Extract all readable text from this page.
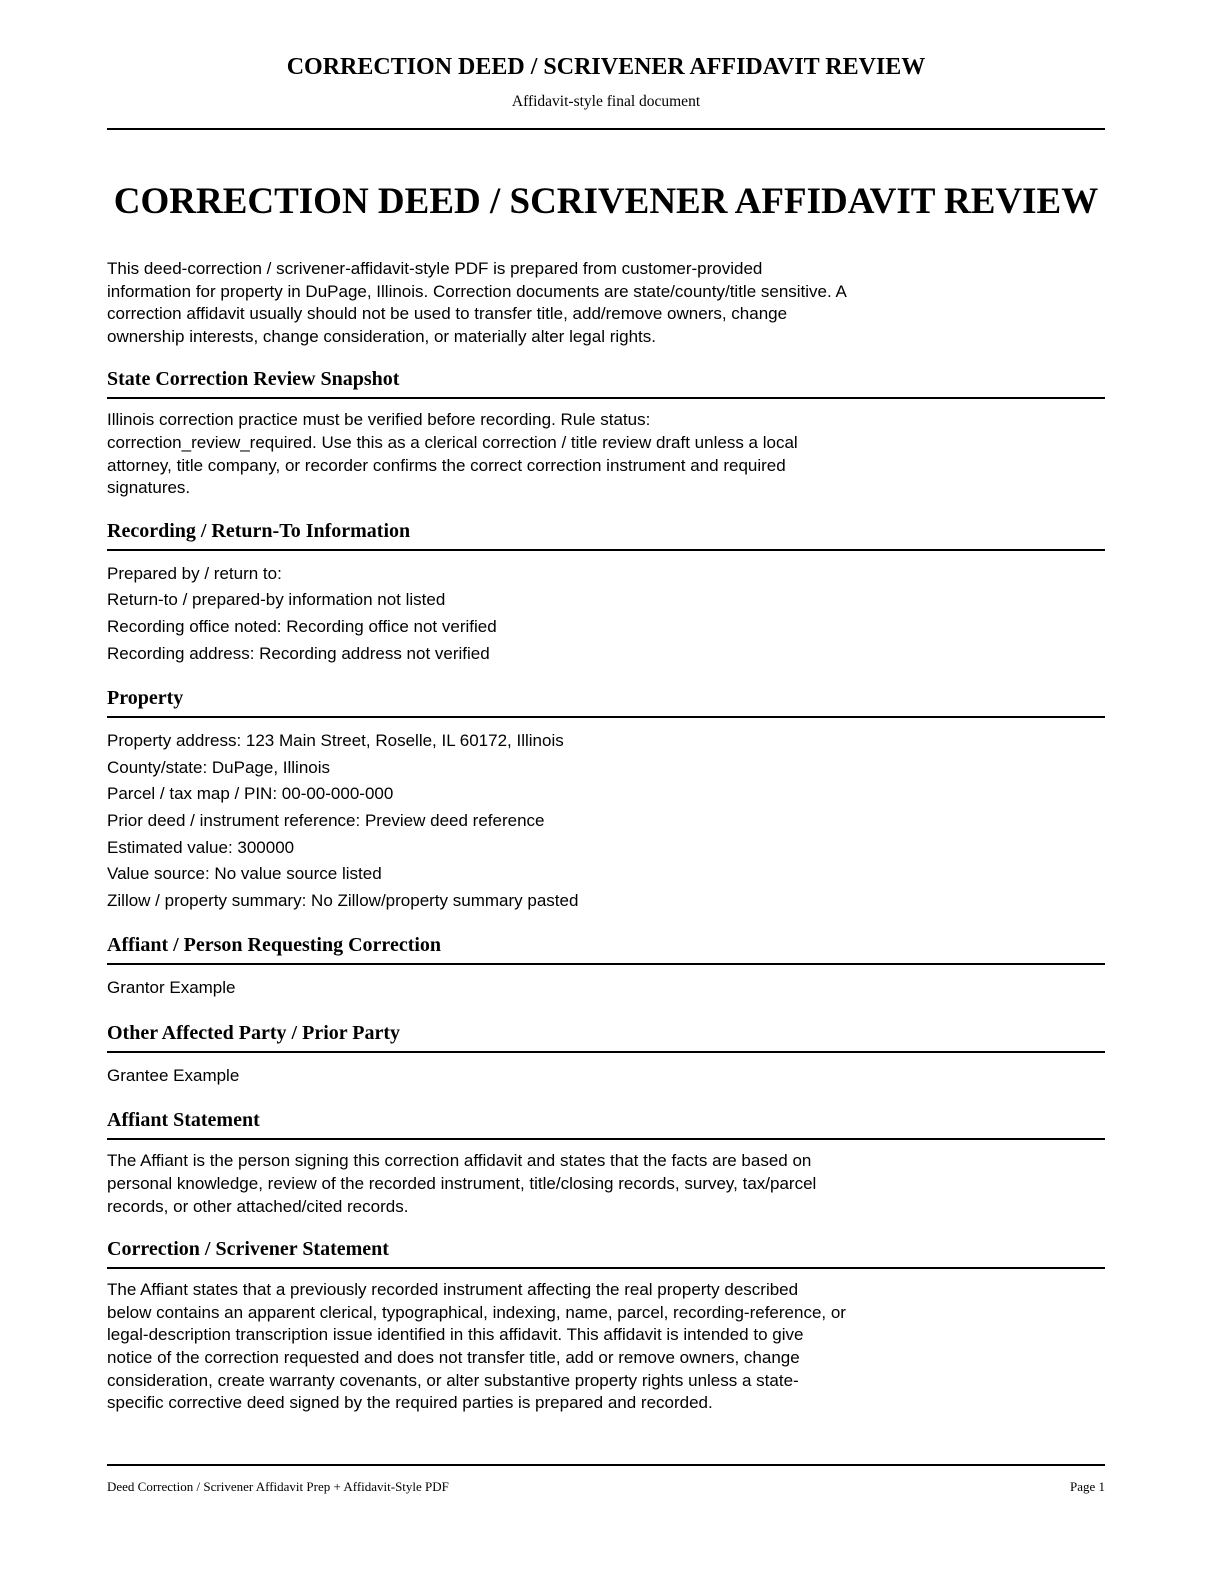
CORRECTION DEED / SCRIVENER AFFIDAVIT REVIEW
Affidavit-style final document
CORRECTION DEED / SCRIVENER AFFIDAVIT REVIEW

This deed-correction / scrivener-affidavit-style PDF is prepared from customer-provided information for property in DuPage, Illinois. Correction documents are state/county/title sensitive. A correction affidavit usually should not be used to transfer title, add/remove owners, change ownership interests, change consideration, or materially alter legal rights.

State Correction Review Snapshot

Illinois correction practice must be verified before recording. Rule status: correction_review_required. Use this as a clerical correction / title review draft unless a local attorney, title company, or recorder confirms the correct correction instrument and required signatures.

Recording / Return-To Information
Prepared by / return to:
Return-to / prepared-by information not listed
Recording office noted: Recording office not verified
Recording address: Recording address not verified
Property
Property address: 123 Main Street, Roselle, IL 60172, Illinois
County/state: DuPage, Illinois
Parcel / tax map / PIN: 00-00-000-000
Prior deed / instrument reference: Preview deed reference
Estimated value: 300000
Value source: No value source listed
Zillow / property summary: No Zillow/property summary pasted
Affiant / Person Requesting Correction
Grantor Example
Other Affected Party / Prior Party
Grantee Example
Affiant Statement

The Affiant is the person signing this correction affidavit and states that the facts are based on personal knowledge, review of the recorded instrument, title/closing records, survey, tax/parcel records, or other attached/cited records.

Correction / Scrivener Statement

The Affiant states that a previously recorded instrument affecting the real property described below contains an apparent clerical, typographical, indexing, name, parcel, recording-reference, or legal-description transcription issue identified in this affidavit. This affidavit is intended to give notice of the correction requested and does not transfer title, add or remove owners, change consideration, create warranty covenants, or alter substantive property rights unless a state-specific corrective deed signed by the required parties is prepared and recorded.

Deed Correction / Scrivener Affidavit Prep + Affidavit-Style PDF	Page 1
